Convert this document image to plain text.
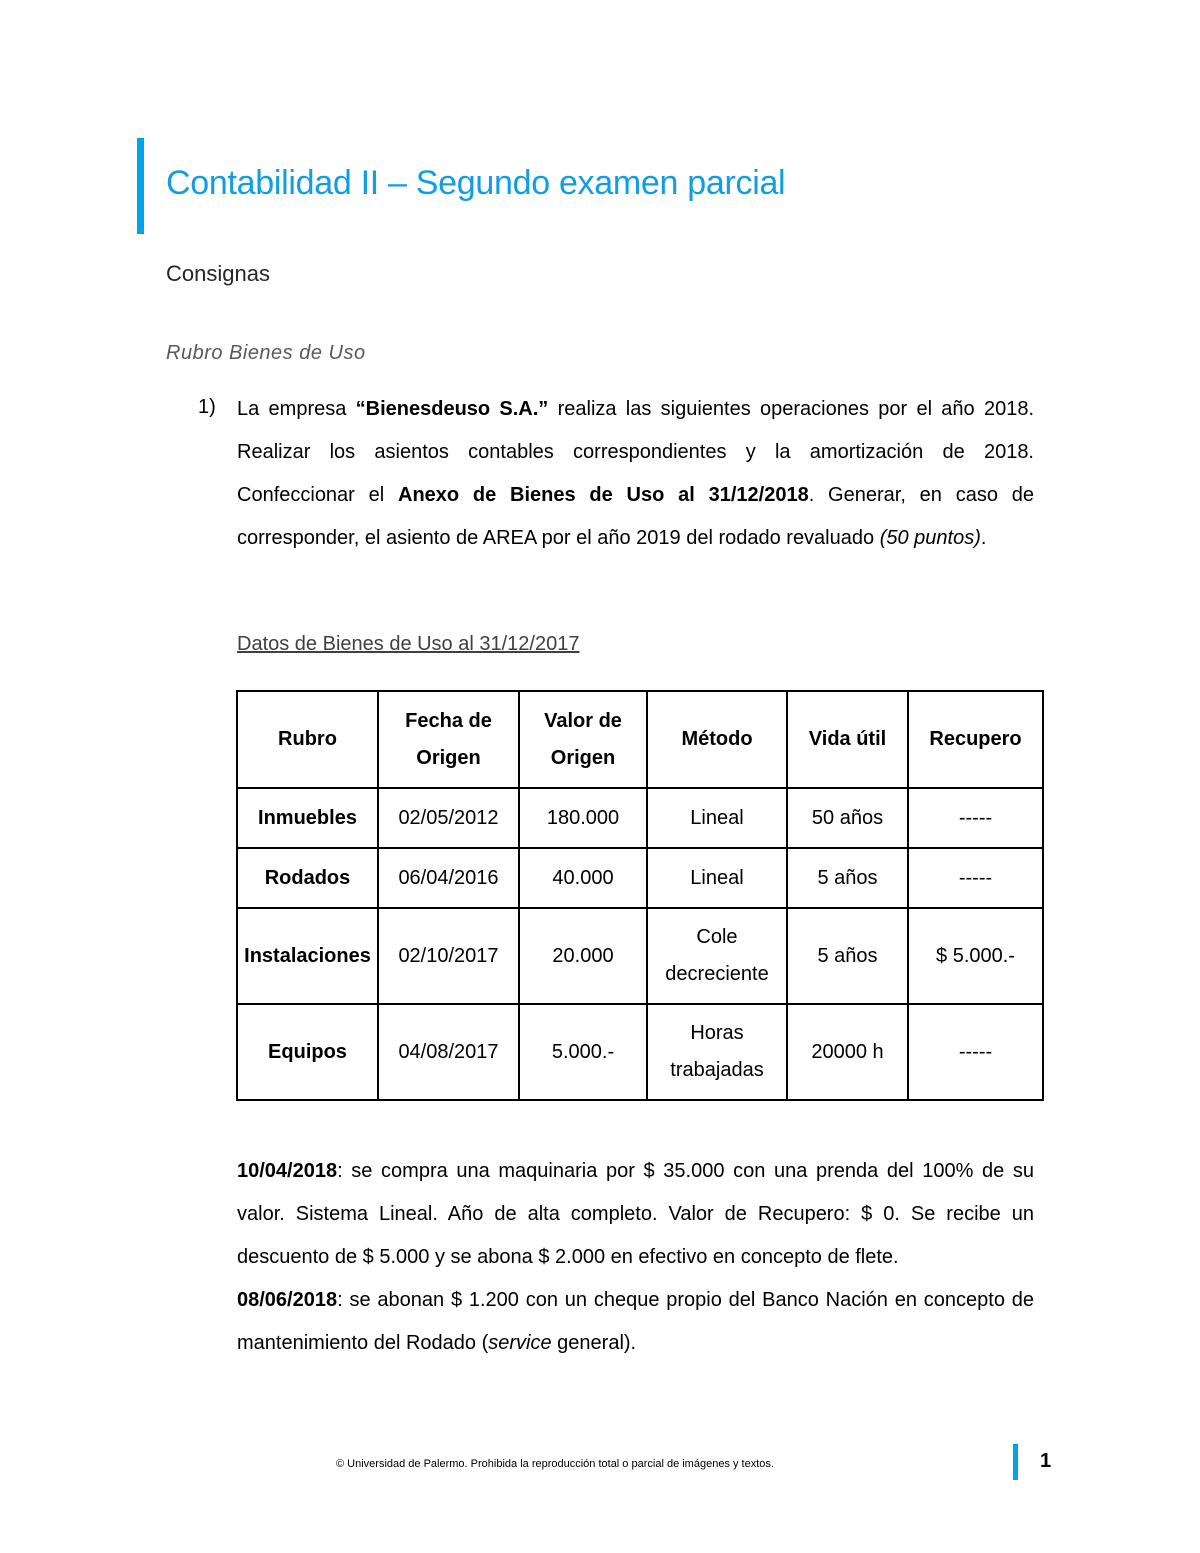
Contabilidad II – Segundo examen parcial
Consignas
Rubro Bienes de Uso
1) La empresa “Bienesdeuso S.A.” realiza las siguientes operaciones por el año 2018. Realizar los asientos contables correspondientes y la amortización de 2018. Confeccionar el Anexo de Bienes de Uso al 31/12/2018. Generar, en caso de corresponder, el asiento de AREA por el año 2019 del rodado revaluado (50 puntos).
Datos de Bienes de Uso al 31/12/2017
Rubro	Fecha de Origen	Valor de Origen	Método	Vida útil	Recupero
Inmuebles	02/05/2012	180.000	Lineal	50 años	-----
Rodados	06/04/2016	40.000	Lineal	5 años	-----
Instalaciones	02/10/2017	20.000	Cole decreciente	5 años	$ 5.000.-
Equipos	04/08/2017	5.000.-	Horas trabajadas	20000 h	-----

10/04/2018: se compra una maquinaria por $ 35.000 con una prenda del 100% de su valor. Sistema Lineal. Año de alta completo. Valor de Recupero: $ 0. Se recibe un descuento de $ 5.000 y se abona $ 2.000 en efectivo en concepto de flete.

08/06/2018: se abonan $ 1.200 con un cheque propio del Banco Nación en concepto de mantenimiento del Rodado (service general).

© Universidad de Palermo. Prohibida la reproducción total o parcial de imágenes y textos.	1
